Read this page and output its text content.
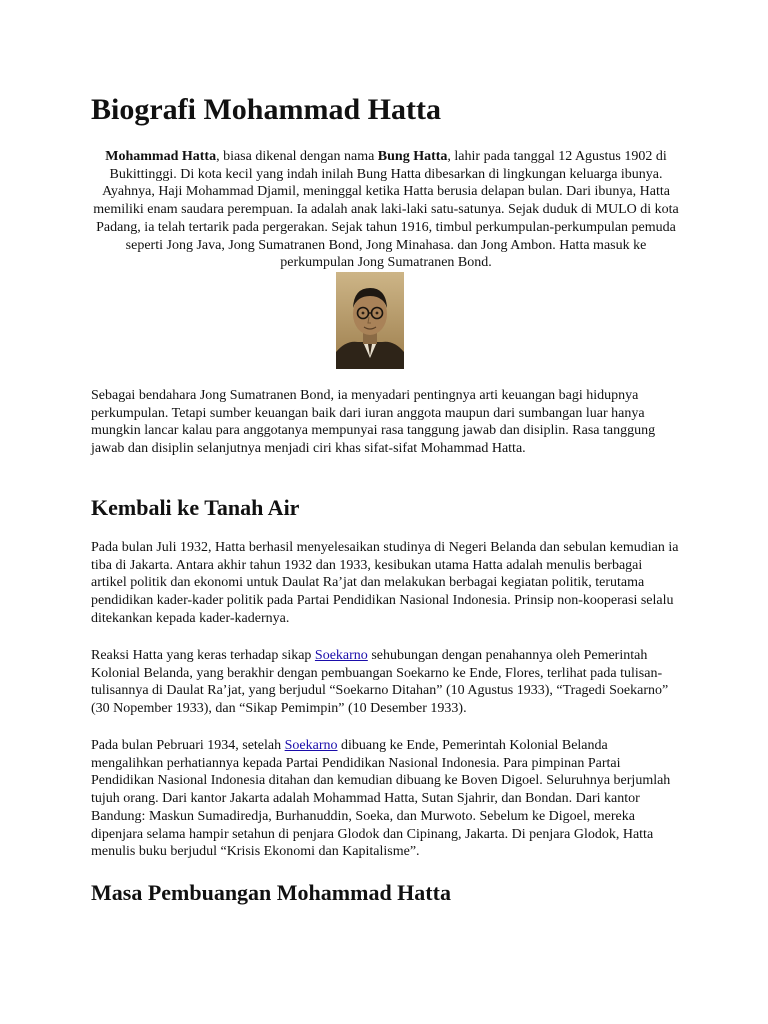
Biografi Mohammad Hatta

Mohammad Hatta, biasa dikenal dengan nama Bung Hatta, lahir pada tanggal 12 Agustus 1902 di Bukittinggi. Di kota kecil yang indah inilah Bung Hatta dibesarkan di lingkungan keluarga ibunya. Ayahnya, Haji Mohammad Djamil, meninggal ketika Hatta berusia delapan bulan. Dari ibunya, Hatta memiliki enam saudara perempuan. Ia adalah anak laki-laki satu-satunya. Sejak duduk di MULO di kota Padang, ia telah tertarik pada pergerakan. Sejak tahun 1916, timbul perkumpulan-perkumpulan pemuda seperti Jong Java, Jong Sumatranen Bond, Jong Minahasa. dan Jong Ambon. Hatta masuk ke perkumpulan Jong Sumatranen Bond.

Sebagai bendahara Jong Sumatranen Bond, ia menyadari pentingnya arti keuangan bagi hidupnya perkumpulan. Tetapi sumber keuangan baik dari iuran anggota maupun dari sumbangan luar hanya mungkin lancar kalau para anggotanya mempunyai rasa tanggung jawab dan disiplin. Rasa tanggung jawab dan disiplin selanjutnya menjadi ciri khas sifat-sifat Mohammad Hatta.

Kembali ke Tanah Air

Pada bulan Juli 1932, Hatta berhasil menyelesaikan studinya di Negeri Belanda dan sebulan kemudian ia tiba di Jakarta. Antara akhir tahun 1932 dan 1933, kesibukan utama Hatta adalah menulis berbagai artikel politik dan ekonomi untuk Daulat Ra’jat dan melakukan berbagai kegiatan politik, terutama pendidikan kader-kader politik pada Partai Pendidikan Nasional Indonesia. Prinsip non-kooperasi selalu ditekankan kepada kader-kadernya.

Reaksi Hatta yang keras terhadap sikap Soekarno sehubungan dengan penahannya oleh Pemerintah Kolonial Belanda, yang berakhir dengan pembuangan Soekarno ke Ende, Flores, terlihat pada tulisan-tulisannya di Daulat Ra’jat, yang berjudul “Soekarno Ditahan” (10 Agustus 1933), “Tragedi Soekarno” (30 Nopember 1933), dan “Sikap Pemimpin” (10 Desember 1933).

Pada bulan Pebruari 1934, setelah Soekarno dibuang ke Ende, Pemerintah Kolonial Belanda mengalihkan perhatiannya kepada Partai Pendidikan Nasional Indonesia. Para pimpinan Partai Pendidikan Nasional Indonesia ditahan dan kemudian dibuang ke Boven Digoel. Seluruhnya berjumlah tujuh orang. Dari kantor Jakarta adalah Mohammad Hatta, Sutan Sjahrir, dan Bondan. Dari kantor Bandung: Maskun Sumadiredja, Burhanuddin, Soeka, dan Murwoto. Sebelum ke Digoel, mereka dipenjara selama hampir setahun di penjara Glodok dan Cipinang, Jakarta. Di penjara Glodok, Hatta menulis buku berjudul “Krisis Ekonomi dan Kapitalisme”.

Masa Pembuangan Mohammad Hatta
